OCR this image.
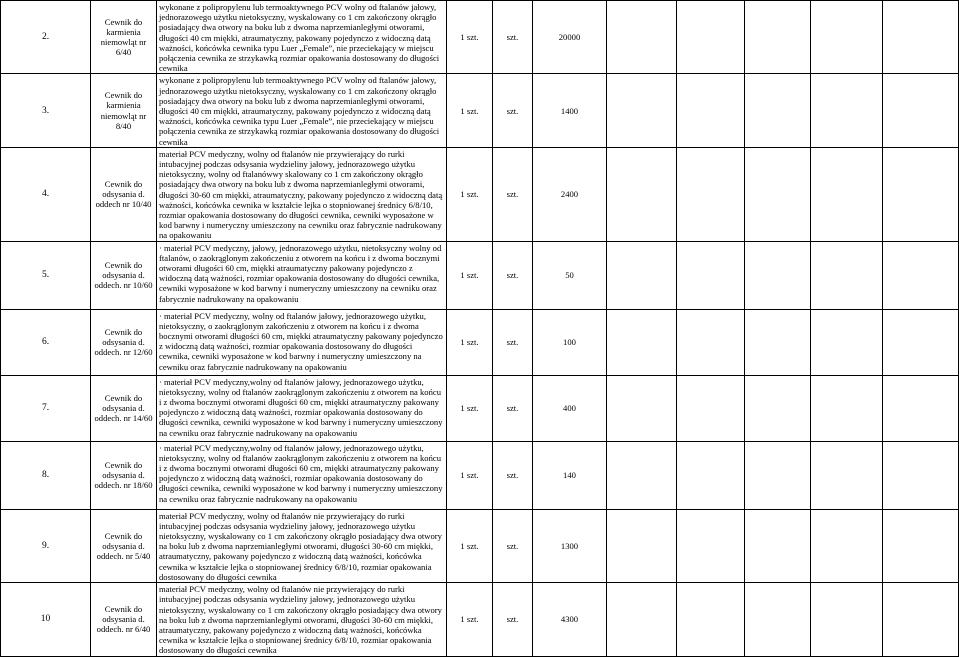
2.	Cewnik do karmienia niemowląt nr 6/40	wykonane z polipropylenu lub termoaktywnego PCV wolny od ftalanów jałowy, jednorazowego użytku nietoksyczny, wyskalowany co 1 cm zakończony okrągło posiadający dwa otwory na boku lub z dwoma naprzemianległymi otworami, długości 40 cm miękki, atraumatyczny, pakowany pojedynczo z widoczną datą ważności, końcówka cewnika typu Luer „Female”, nie przeciekający w miejscu połączenia cewnika ze strzykawką rozmiar opakowania dostosowany do długości cewnika	1 szt.	szt.	20000					
3.	Cewnik do karmienia niemowląt nr 8/40	wykonane z polipropylenu lub termoaktywnego PCV wolny od ftalanów jałowy, jednorazowego użytku nietoksyczny, wyskalowany co 1 cm zakończony okrągło posiadający dwa otwory na boku lub z dwoma naprzemianległymi otworami, długości 40 cm miękki, atraumatyczny, pakowany pojedynczo z widoczną datą ważności, końcówka cewnika typu Luer „Female”, nie przeciekający w miejscu połączenia cewnika ze strzykawką rozmiar opakowania dostosowany do długości cewnika	1 szt.	szt.	1400					
4.	Cewnik do odsysania d. oddech nr 10/40	materiał PCV medyczny, wolny od ftalanów nie przywierający do rurki intubacyjnej podczas odsysania wydzieliny jałowy, jednorazowego użytku nietoksyczny, wolny od ftalanówwy skalowany co 1 cm zakończony okrągło posiadający dwa otwory na boku lub z dwoma naprzemianległymi otworami, długości 30-60 cm miękki, atraumatyczny, pakowany pojedynczo z widoczną datą ważności, końcówka cewnika w kształcie lejka o stopniowanej średnicy 6/8/10, rozmiar opakowania dostosowany do długości cewnika, cewniki wyposażone w kod barwny i numeryczny umieszczony na cewniku oraz fabrycznie nadrukowany na opakowaniu	1 szt.	szt.	2400					
5.	Cewnik do odsysania d. oddech. nr 10/60	· materiał PCV medyczny, jałowy, jednorazowego użytku, nietoksyczny wolny od ftalanów, o zaokrąglonym zakończeniu z otworem na końcu i z dwoma bocznymi otworami długości 60 cm, miękki atraumatyczny pakowany pojedynczo z widoczną datą ważności, rozmiar opakowania dostosowany do długości cewnika, cewniki wyposażone w kod barwny i numeryczny umieszczony na cewniku oraz fabrycznie nadrukowany na opakowaniu	1 szt.	szt.	50					
6.	Cewnik do odsysania d. oddech. nr 12/60	· materiał PCV medyczny, wolny od ftalanów jałowy, jednorazowego użytku, nietoksyczny, o zaokrąglonym zakończeniu z otworem na końcu i z dwoma bocznymi otworami długości 60 cm, miękki atraumatyczny pakowany pojedynczo z widoczną datą ważności, rozmiar opakowania dostosowany do długości cewnika, cewniki wyposażone w kod barwny i numeryczny umieszczony na cewniku oraz fabrycznie nadrukowany na opakowaniu	1 szt.	szt.	100					
7.	Cewnik do odsysania d. oddech. nr 14/60	· materiał PCV medyczny,wolny od ftalanów jałowy, jednorazowego użytku, nietoksyczny, wolny od ftalanów zaokrąglonym zakończeniu z otworem na końcu i z dwoma bocznymi otworami długości 60 cm, miękki atraumatyczny pakowany pojedynczo z widoczną datą ważności, rozmiar opakowania dostosowany do długości cewnika, cewniki wyposażone w kod barwny i numeryczny umieszczony na cewniku oraz fabrycznie nadrukowany na opakowaniu	1 szt.	szt.	400					
8.	Cewnik do odsysania d. oddech. nr 18/60	· materiał PCV medyczny,wolny od ftalanów jałowy, jednorazowego użytku, nietoksyczny, wolny od ftalanów zaokrąglonym zakończeniu z otworem na końcu i z dwoma bocznymi otworami długości 60 cm, miękki atraumatyczny pakowany pojedynczo z widoczną datą ważności, rozmiar opakowania dostosowany do długości cewnika, cewniki wyposażone w kod barwny i numeryczny umieszczony na cewniku oraz fabrycznie nadrukowany na opakowaniu	1 szt.	szt.	140					
9.	Cewnik do odsysania d. oddech. nr 5/40	materiał PCV medyczny, wolny od ftalanów nie przywierający do rurki intubacyjnej podczas odsysania wydzieliny jałowy, jednorazowego użytku nietoksyczny, wyskalowany co 1 cm zakończony okrągło posiadający dwa otwory na boku lub z dwoma naprzemianległymi otworami, długości 30-60 cm miękki, atraumatyczny, pakowany pojedynczo z widoczną datą ważności, końcówka cewnika w kształcie lejka o stopniowanej średnicy 6/8/10, rozmiar opakowania dostosowany do długości cewnika	1 szt.	szt.	1300					
10	Cewnik do odsysania d. oddech. nr 6/40	materiał PCV medyczny, wolny od ftalanów nie przywierający do rurki intubacyjnej podczas odsysania wydzieliny jałowy, jednorazowego użytku nietoksyczny, wyskalowany co 1 cm zakończony okrągło posiadający dwa otwory na boku lub z dwoma naprzemianległymi otworami, długości 30-60 cm miękki, atraumatyczny, pakowany pojedynczo z widoczną datą ważności, końcówka cewnika w kształcie lejka o stopniowanej średnicy 6/8/10, rozmiar opakowania dostosowany do długości cewnika	1 szt.	szt.	4300					
